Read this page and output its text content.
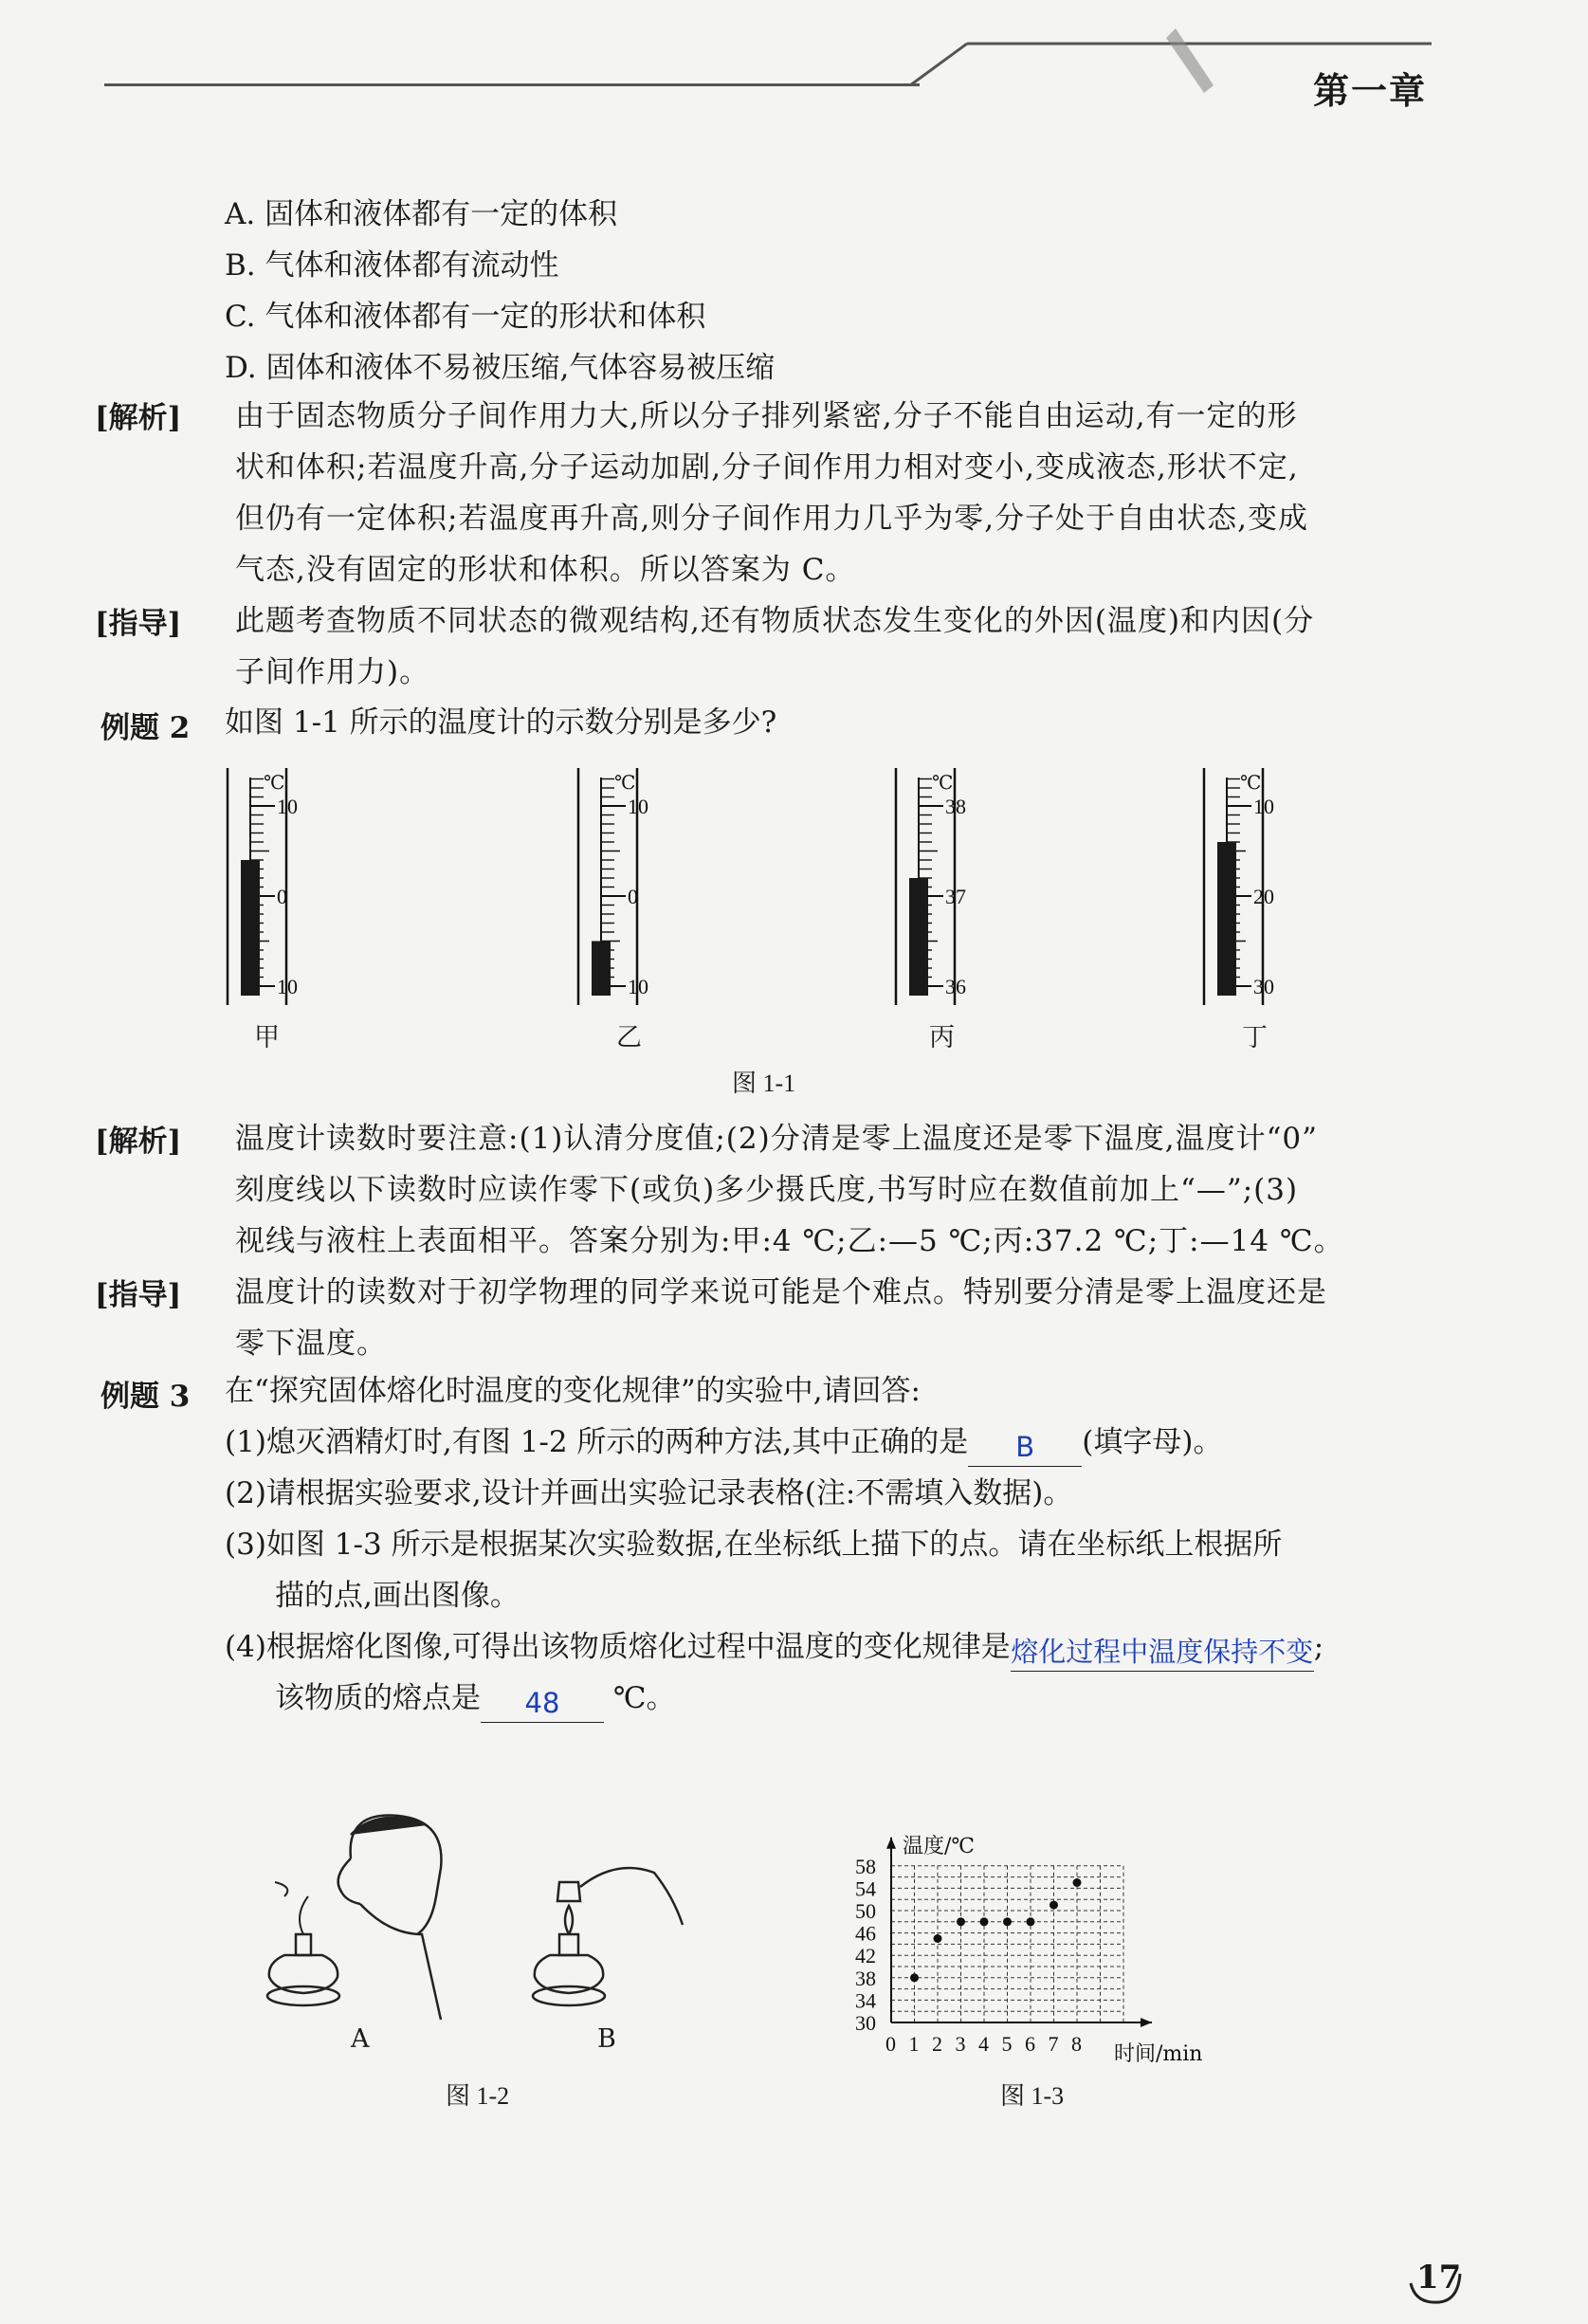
第一章
A. 固体和液体都有一定的体积
B. 气体和液体都有流动性
C. 气体和液体都有一定的形状和体积
D. 固体和液体不易被压缩,气体容易被压缩
[解析] 由于固态物质分子间作用力大,所以分子排列紧密,分子不能自由运动,有一定的形
状和体积;若温度升高,分子运动加剧,分子间作用力相对变小,变成液态,形状不定,
但仍有一定体积;若温度再升高,则分子间作用力几乎为零,分子处于自由状态,变成
气态,没有固定的形状和体积。所以答案为 C。
[指导] 此题考查物质不同状态的微观结构,还有物质状态发生变化的外因(温度)和内因(分
子间作用力)。
例题 2 如图 1-1 所示的温度计的示数分别是多少?
℃
10
0
10
℃
10
0
10
℃
38
37
36
℃
10
20
30
甲	乙	丙	丁
图 1-1
[解析] 温度计读数时要注意:(1)认清分度值;(2)分清是零上温度还是零下温度,温度计“0”
刻度线以下读数时应读作零下(或负)多少摄氏度,书写时应在数值前加上“—”;(3)
视线与液柱上表面相平。答案分别为:甲:4 ℃;乙:—5 ℃;丙:37.2 ℃;丁:—14 ℃。
[指导] 温度计的读数对于初学物理的同学来说可能是个难点。特别要分清是零上温度还是
零下温度。
例题 3 在“探究固体熔化时温度的变化规律”的实验中,请回答:
(1)熄灭酒精灯时,有图 1-2 所示的两种方法,其中正确的是 B (填字母)。
(2)请根据实验要求,设计并画出实验记录表格(注:不需填入数据)。
(3)如图 1-3 所示是根据某次实验数据,在坐标纸上描下的点。请在坐标纸上根据所
描的点,画出图像。
(4)根据熔化图像,可得出该物质熔化过程中温度的变化规律是熔化过程中温度保持不变;
该物质的熔点是 48 ℃。
A	B
图 1-2
0 1 2 3 4 5 6 7 8
30
34
38
42
46
50
54
58
温度/℃
时间/min
图 1-3
17
